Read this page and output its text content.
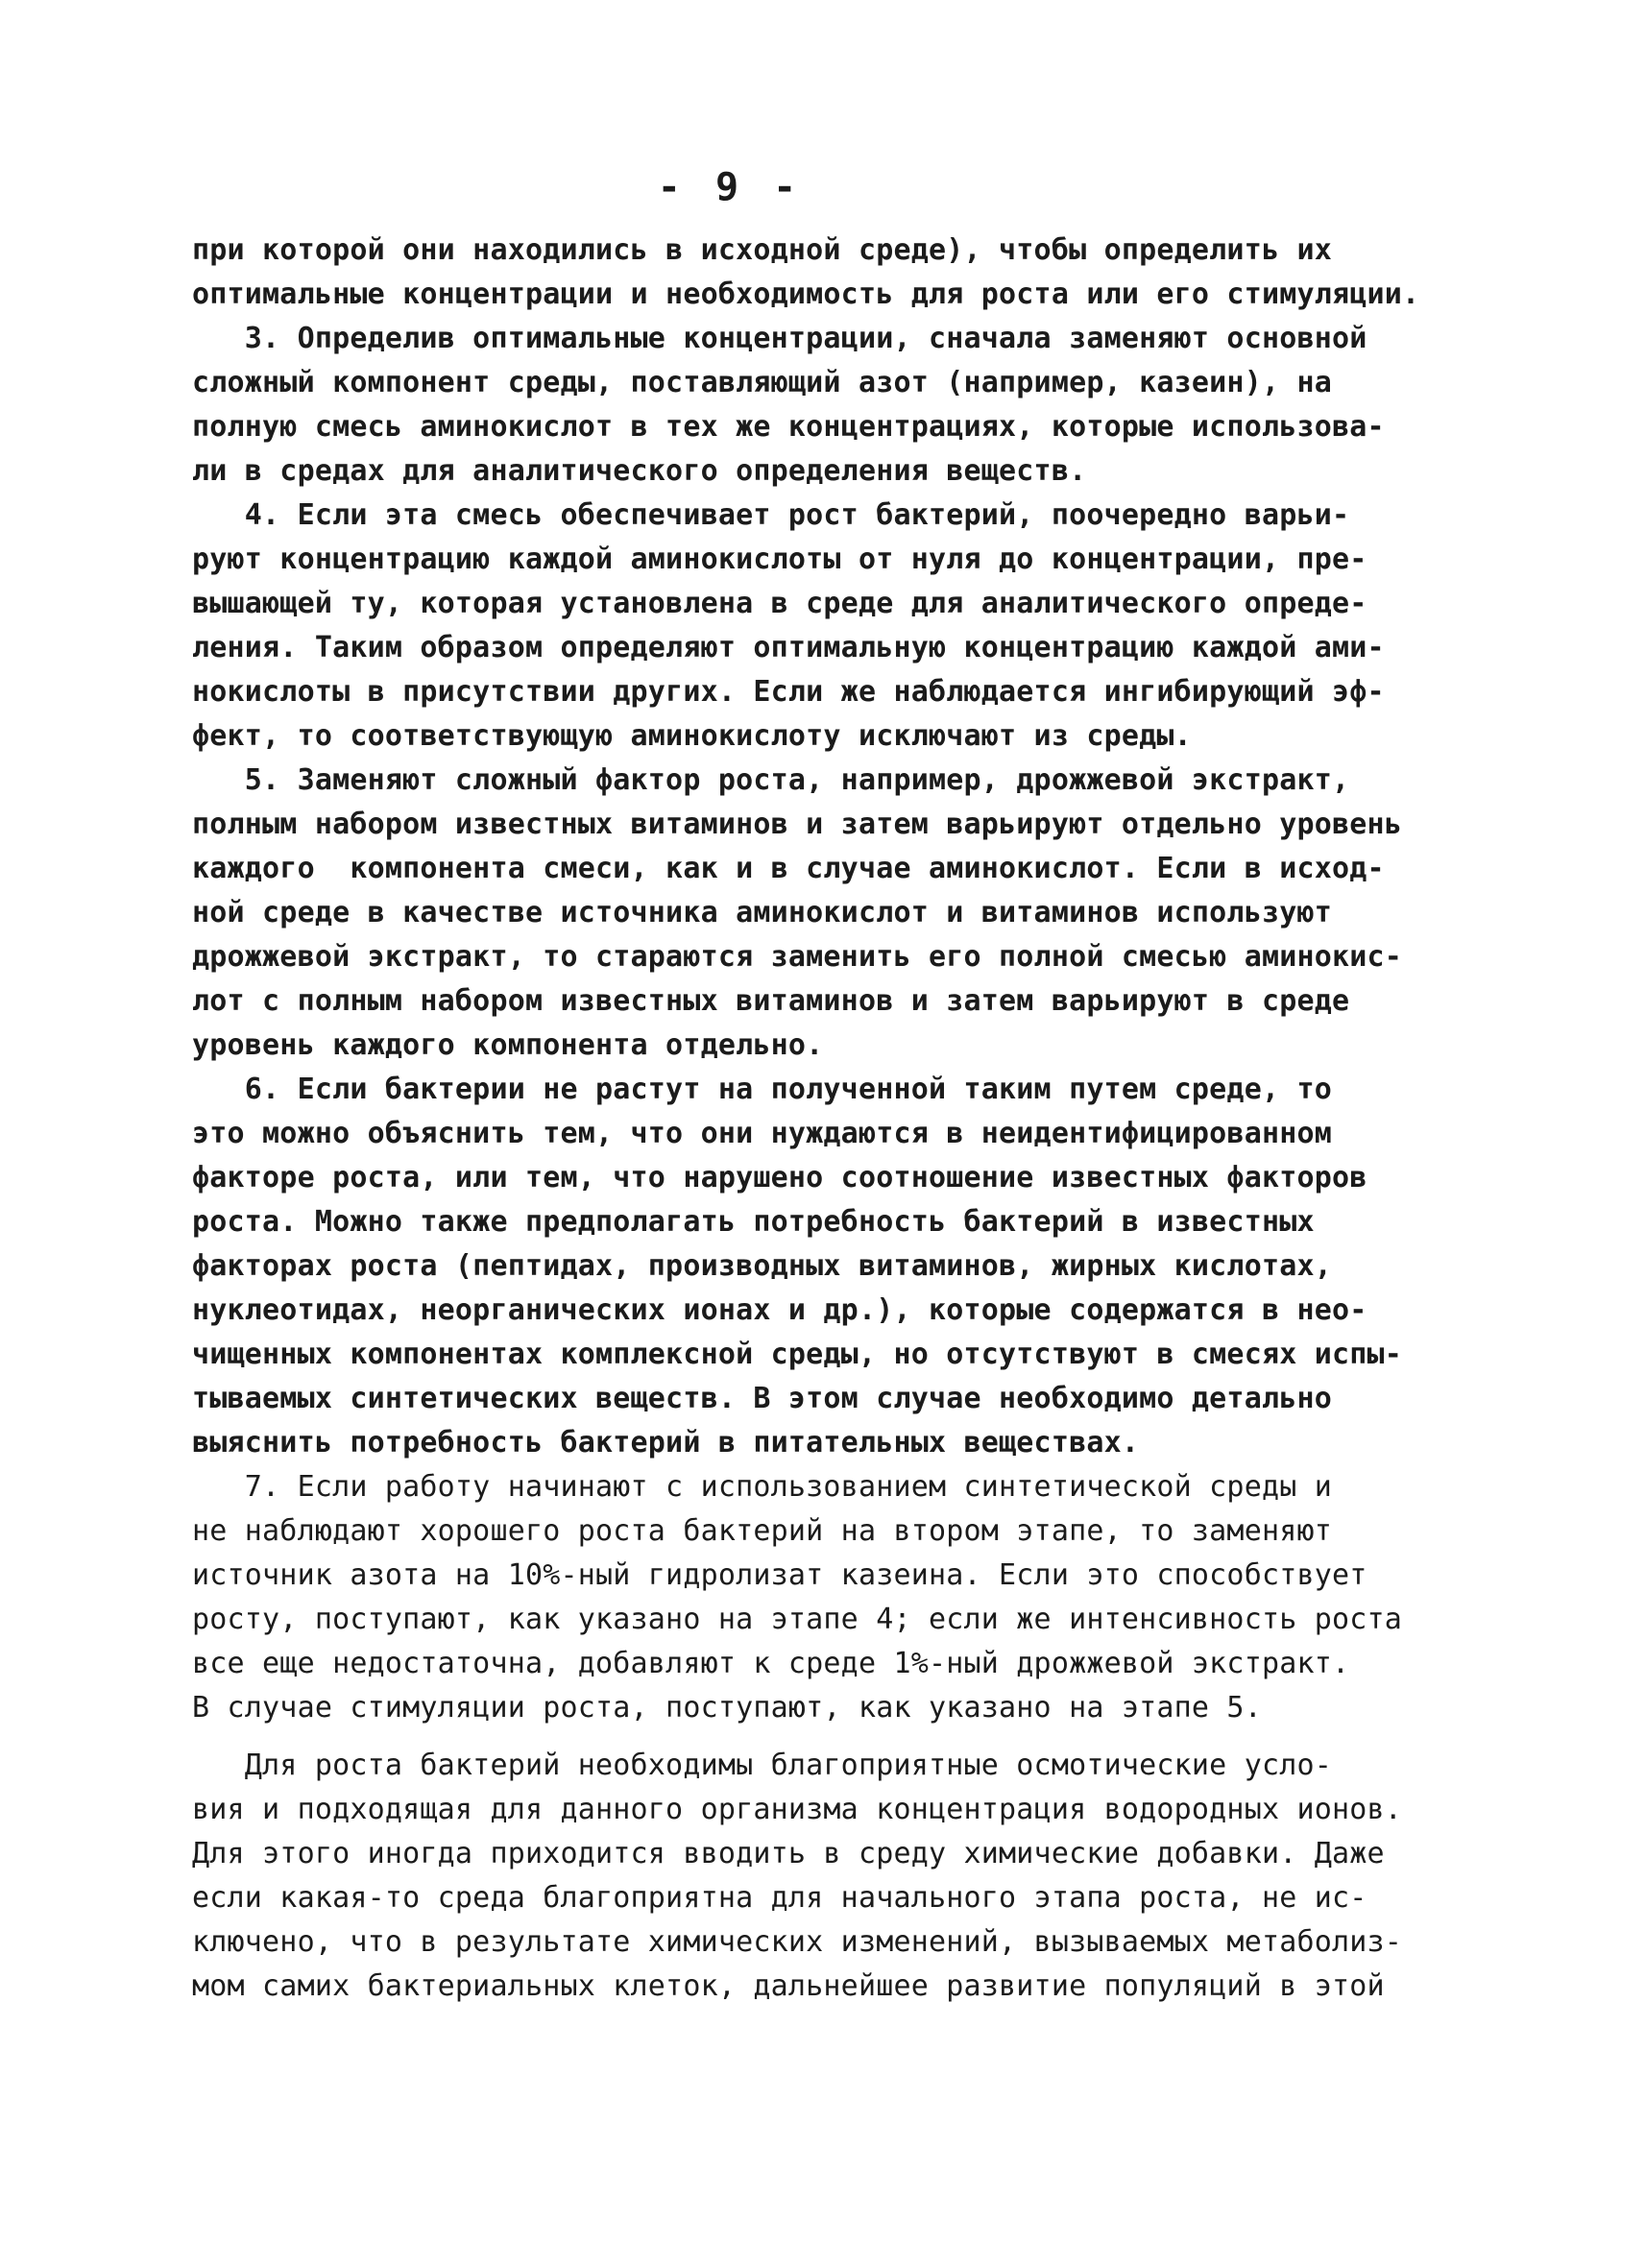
- 9 -
при которой они находились в исходной среде), чтобы определить их
оптимальные концентрации и необходимость для роста или его стимуляции.
3. Определив оптимальные концентрации, сначала заменяют основной
сложный компонент среды, поставляющий азот (например, казеин), на
полную смесь аминокислот в тех же концентрациях, которые использова-
ли в средах для аналитического определения веществ.
4. Если эта смесь обеспечивает рост бактерий, поочередно варьи-
руют концентрацию каждой аминокислоты от нуля до концентрации, пре-
вышающей ту, которая установлена в среде для аналитического опреде-
ления. Таким образом определяют оптимальную концентрацию каждой ами-
нокислоты в присутствии других. Если же наблюдается ингибирующий эф-
фект, то соответствующую аминокислоту исключают из среды.
5. Заменяют сложный фактор роста, например, дрожжевой экстракт,
полным набором известных витаминов и затем варьируют отдельно уровень
каждого  компонента смеси, как и в случае аминокислот. Если в исход-
ной среде в качестве источника аминокислот и витаминов используют
дрожжевой экстракт, то стараются заменить его полной смесью аминокис-
лот с полным набором известных витаминов и затем варьируют в среде
уровень каждого компонента отдельно.
6. Если бактерии не растут на полученной таким путем среде, то
это можно объяснить тем, что они нуждаются в неидентифицированном
факторе роста, или тем, что нарушено соотношение известных факторов
роста. Можно также предполагать потребность бактерий в известных
факторах роста (пептидах, производных витаминов, жирных кислотах,
нуклеотидах, неорганических ионах и др.), которые содержатся в нео-
чищенных компонентах комплексной среды, но отсутствуют в смесях испы-
тываемых синтетических веществ. В этом случае необходимо детально
выяснить потребность бактерий в питательных веществах.
7. Если работу начинают с использованием синтетической среды и
не наблюдают хорошего роста бактерий на втором этапе, то заменяют
источник азота на 10%-ный гидролизат казеина. Если это способствует
росту, поступают, как указано на этапе 4; если же интенсивность роста
все еще недостаточна, добавляют к среде 1%-ный дрожжевой экстракт.
В случае стимуляции роста, поступают, как указано на этапе 5.
Для роста бактерий необходимы благоприятные осмотические усло-
вия и подходящая для данного организма концентрация водородных ионов.
Для этого иногда приходится вводить в среду химические добавки. Даже
если какая-то среда благоприятна для начального этапа роста, не ис-
ключено, что в результате химических изменений, вызываемых метаболиз-
мом самих бактериальных клеток, дальнейшее развитие популяций в этой
